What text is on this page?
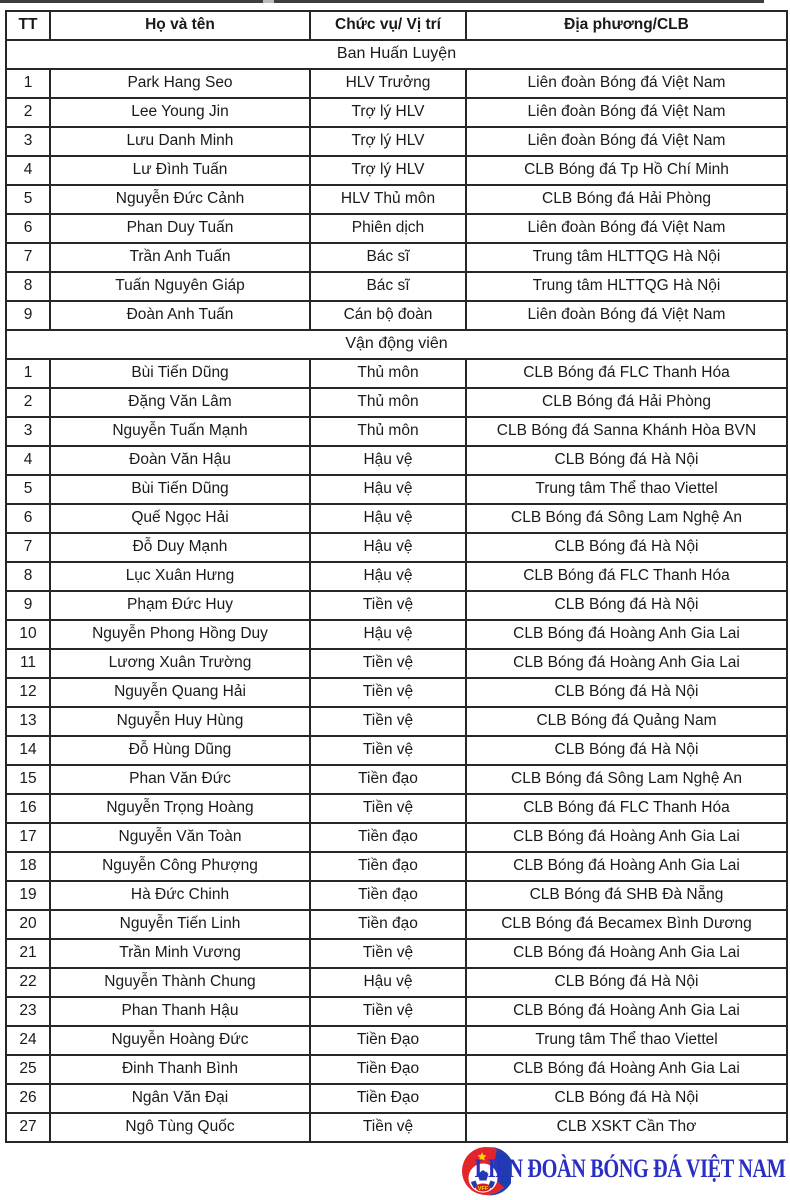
TT	Họ và tên	Chức vụ/ Vị trí	Địa phương/CLB
Ban Huấn Luyện			
1	Park Hang Seo	HLV Trưởng	Liên đoàn Bóng đá Việt Nam
2	Lee Young Jin	Trợ lý HLV	Liên đoàn Bóng đá Việt Nam
3	Lưu Danh Minh	Trợ lý HLV	Liên đoàn Bóng đá Việt Nam
4	Lư Đình Tuấn	Trợ lý HLV	CLB Bóng đá Tp Hồ Chí Minh
5	Nguyễn Đức Cảnh	HLV Thủ môn	CLB Bóng đá Hải Phòng
6	Phan Duy Tuấn	Phiên dịch	Liên đoàn Bóng đá Việt Nam
7	Trần Anh Tuấn	Bác sĩ	Trung tâm HLTTQG Hà Nội
8	Tuấn Nguyên Giáp	Bác sĩ	Trung tâm HLTTQG Hà Nội
9	Đoàn Anh Tuấn	Cán bộ đoàn	Liên đoàn Bóng đá Việt Nam
Vận động viên			
1	Bùi Tiến Dũng	Thủ môn	CLB Bóng đá FLC Thanh Hóa
2	Đặng Văn Lâm	Thủ môn	CLB Bóng đá Hải Phòng
3	Nguyễn Tuấn Mạnh	Thủ môn	CLB Bóng đá Sanna Khánh Hòa BVN
4	Đoàn Văn Hậu	Hậu vệ	CLB Bóng đá Hà Nội
5	Bùi Tiến Dũng	Hậu vệ	Trung tâm Thể thao Viettel
6	Quế Ngọc Hải	Hậu vệ	CLB Bóng đá Sông Lam Nghệ An
7	Đỗ Duy Mạnh	Hậu vệ	CLB Bóng đá Hà Nội
8	Lục Xuân Hưng	Hậu vệ	CLB Bóng đá FLC Thanh Hóa
9	Phạm Đức Huy	Tiền vệ	CLB Bóng đá Hà Nội
10	Nguyễn Phong Hồng Duy	Hậu vệ	CLB Bóng đá Hoàng Anh Gia Lai
11	Lương Xuân Trường	Tiền vệ	CLB Bóng đá Hoàng Anh Gia Lai
12	Nguyễn Quang Hải	Tiền vệ	CLB Bóng đá Hà Nội
13	Nguyễn Huy Hùng	Tiền vệ	CLB Bóng đá Quảng Nam
14	Đỗ Hùng Dũng	Tiền vệ	CLB Bóng đá Hà Nội
15	Phan Văn Đức	Tiền đạo	CLB Bóng đá Sông Lam Nghệ An
16	Nguyễn Trọng Hoàng	Tiền vệ	CLB Bóng đá FLC Thanh Hóa
17	Nguyễn Văn Toàn	Tiền đạo	CLB Bóng đá Hoàng Anh Gia Lai
18	Nguyễn Công Phượng	Tiền đạo	CLB Bóng đá Hoàng Anh Gia Lai
19	Hà Đức Chinh	Tiền đạo	CLB Bóng đá SHB Đà Nẵng
20	Nguyễn Tiến Linh	Tiền đạo	CLB Bóng đá Becamex Bình Dương
21	Trần Minh Vương	Tiền vệ	CLB Bóng đá Hoàng Anh Gia Lai
22	Nguyễn Thành Chung	Hậu vệ	CLB Bóng đá Hà Nội
23	Phan Thanh Hậu	Tiền vệ	CLB Bóng đá Hoàng Anh Gia Lai
24	Nguyễn Hoàng Đức	Tiền Đạo	Trung tâm Thể thao Viettel
25	Đinh Thanh Bình	Tiền Đạo	CLB Bóng đá Hoàng Anh Gia Lai
26	Ngân Văn Đại	Tiền Đạo	CLB Bóng đá Hà Nội
27	Ngô Tùng Quốc	Tiền vệ	CLB XSKT Cần Thơ
VFF
LIÊN ĐOÀN BÓNG ĐÁ VIỆT NAM
